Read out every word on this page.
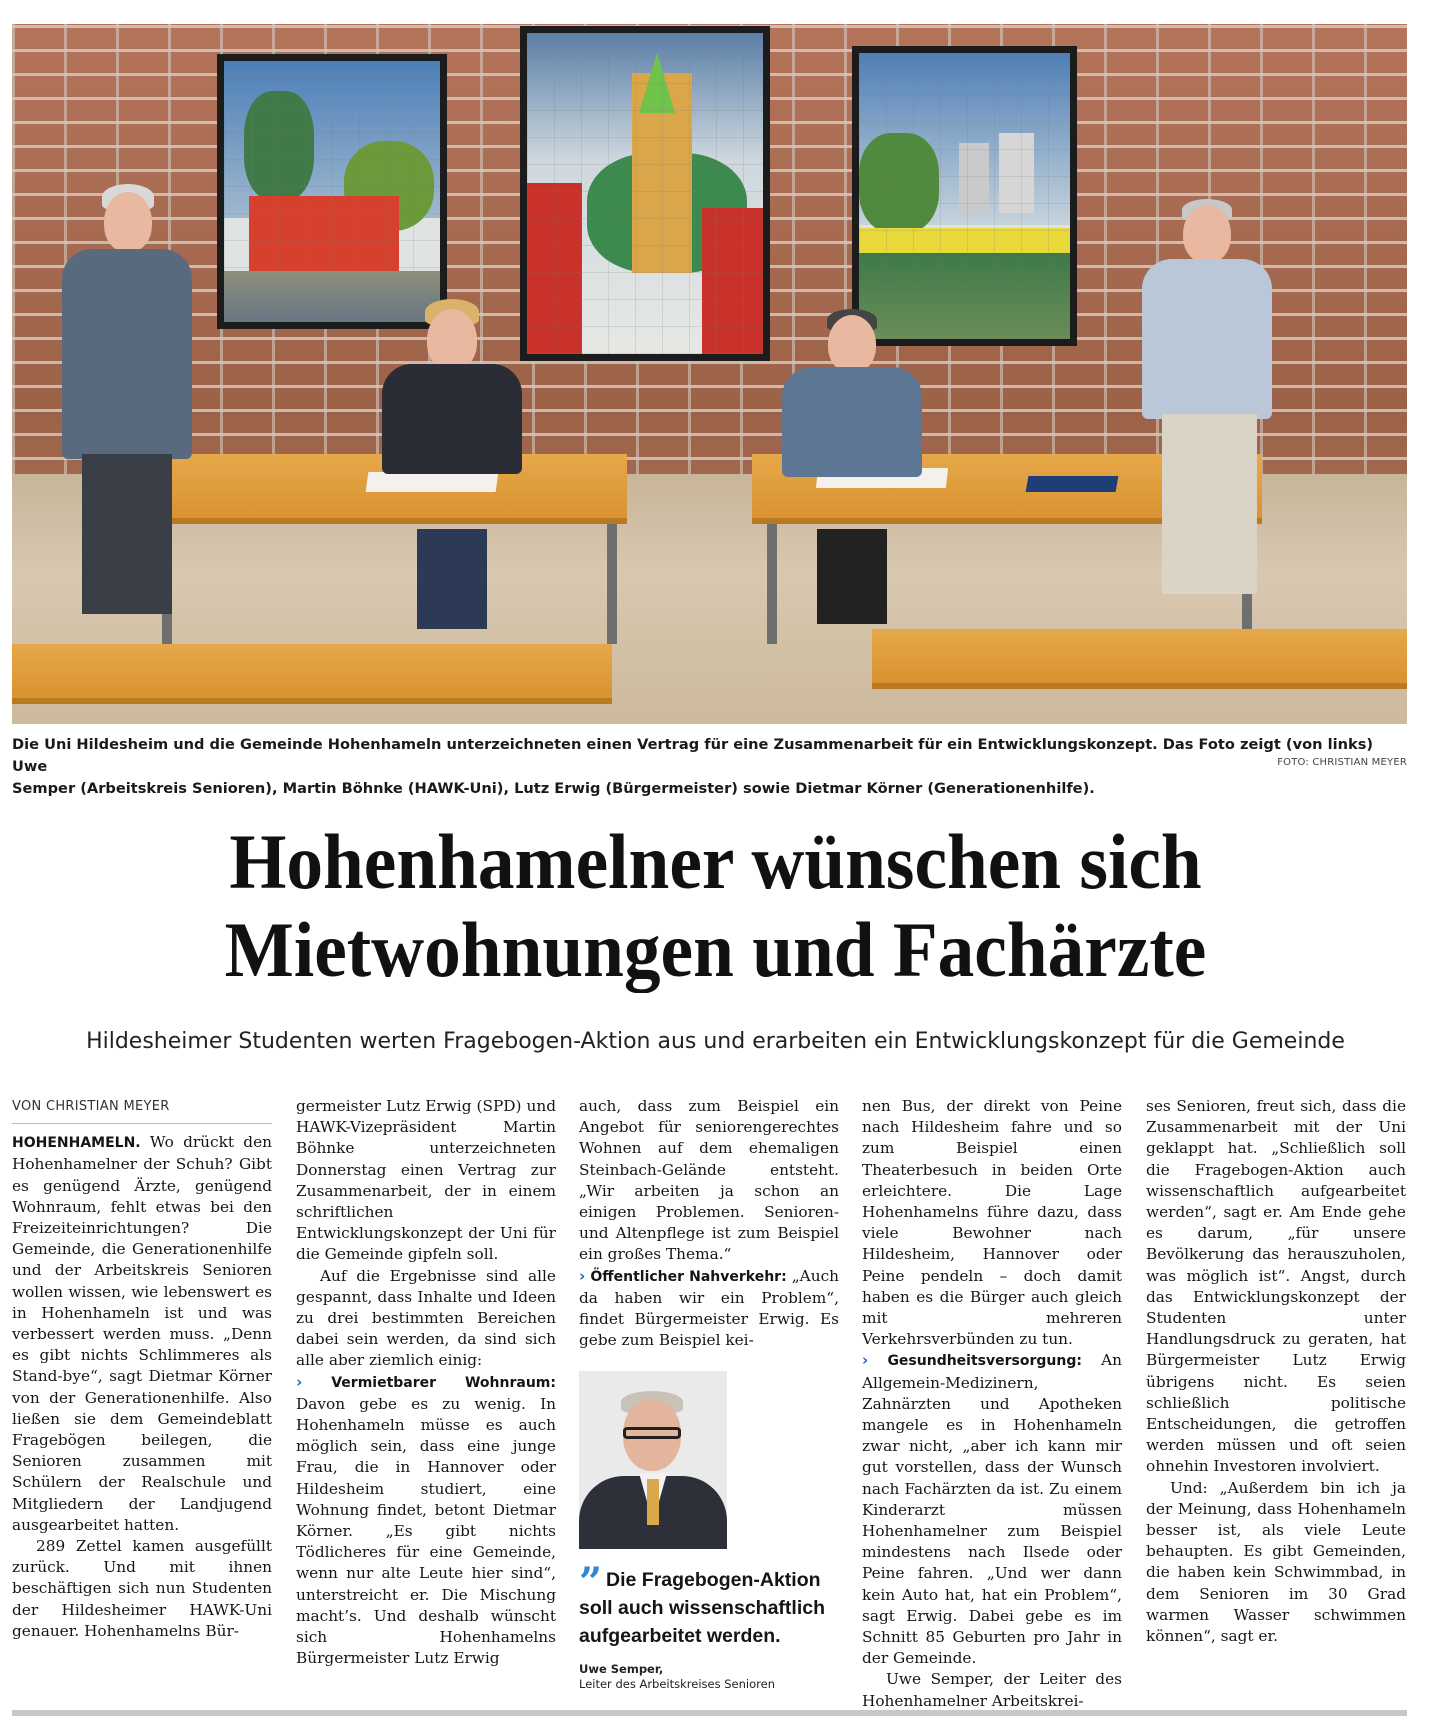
Die Uni Hildesheim und die Gemeinde Hohenhameln unterzeichneten einen Vertrag für eine Zusammenarbeit für ein Entwicklungskonzept. Das Foto zeigt (von links) Uwe
Semper (Arbeitskreis Senioren), Martin Böhnke (HAWK-Uni), Lutz Erwig (Bürgermeister) sowie Dietmar Körner (Generationenhilfe).
FOTO: CHRISTIAN MEYER
Hohenhamelner wünschen sich
Mietwohnungen und Fachärzte
Hildesheimer Studenten werten Fragebogen-Aktion aus und erarbeiten ein Entwicklungskonzept für die Gemeinde
VON CHRISTIAN MEYER

HOHENHAMELN. Wo drückt den Hohenhamelner der Schuh? Gibt es genügend Ärzte, genügend Wohnraum, fehlt etwas bei den Freizeiteinrichtungen? Die Gemeinde, die Generationenhilfe und der Arbeitskreis Senioren wollen wissen, wie lebenswert es in Hohenhameln ist und was verbessert werden muss. „Denn es gibt nichts Schlimmeres als Stand-bye“, sagt Dietmar Körner von der Generationenhilfe. Also ließen sie dem Gemeindeblatt Fragebögen beilegen, die Senioren zusammen mit Schülern der Realschule und Mitgliedern der Landjugend ausgearbeitet hatten.

289 Zettel kamen ausgefüllt zurück. Und mit ihnen beschäftigen sich nun Studenten der Hildesheimer HAWK-Uni genauer. Hohenhamelns Bür-

germeister Lutz Erwig (SPD) und HAWK-Vizepräsident Martin Böhnke unterzeichneten Donnerstag einen Vertrag zur Zusammenarbeit, der in einem schriftlichen Entwicklungskonzept der Uni für die Gemeinde gipfeln soll.

Auf die Ergebnisse sind alle gespannt, dass Inhalte und Ideen zu drei bestimmten Bereichen dabei sein werden, da sind sich alle aber ziemlich einig:

› Vermietbarer Wohnraum: Davon gebe es zu wenig. In Hohenhameln müsse es auch möglich sein, dass eine junge Frau, die in Hannover oder Hildesheim studiert, eine Wohnung findet, betont Dietmar Körner. „Es gibt nichts Tödlicheres für eine Gemeinde, wenn nur alte Leute hier sind“, unterstreicht er. Die Mischung macht’s. Und deshalb wünscht sich Hohenhamelns Bürgermeister Lutz Erwig

auch, dass zum Beispiel ein Angebot für seniorengerechtes Wohnen auf dem ehemaligen Steinbach-Gelände entsteht. „Wir arbeiten ja schon an einigen Problemen. Senioren- und Altenpflege ist zum Beispiel ein großes Thema.“

› Öffentlicher Nahverkehr: „Auch da haben wir ein Problem“, findet Bürgermeister Erwig. Es gebe zum Beispiel kei-

” Die Fragebogen-Aktion soll auch wissenschaftlich aufgearbeitet werden.
Uwe Semper,
Leiter des Arbeitskreises Senioren

nen Bus, der direkt von Peine nach Hildesheim fahre und so zum Beispiel einen Theaterbesuch in beiden Orte erleichtere. Die Lage Hohenhamelns führe dazu, dass viele Bewohner nach Hildesheim, Hannover oder Peine pendeln – doch damit haben es die Bürger auch gleich mit mehreren Verkehrsverbünden zu tun.

› Gesundheitsversorgung: An Allgemein-Medizinern, Zahnärzten und Apotheken mangele es in Hohenhameln zwar nicht, „aber ich kann mir gut vorstellen, dass der Wunsch nach Fachärzten da ist. Zu einem Kinderarzt müssen Hohenhamelner zum Beispiel mindestens nach Ilsede oder Peine fahren. „Und wer dann kein Auto hat, hat ein Problem“, sagt Erwig. Dabei gebe es im Schnitt 85 Geburten pro Jahr in der Gemeinde.

Uwe Semper, der Leiter des Hohenhamelner Arbeitskrei-

ses Senioren, freut sich, dass die Zusammenarbeit mit der Uni geklappt hat. „Schließlich soll die Fragebogen-Aktion auch wissenschaftlich aufgearbeitet werden“, sagt er. Am Ende gehe es darum, „für unsere Bevölkerung das herauszuholen, was möglich ist“. Angst, durch das Entwicklungskonzept der Studenten unter Handlungsdruck zu geraten, hat Bürgermeister Lutz Erwig übrigens nicht. Es seien schließlich politische Entscheidungen, die getroffen werden müssen und oft seien ohnehin Investoren involviert.

Und: „Außerdem bin ich ja der Meinung, dass Hohenhameln besser ist, als viele Leute behaupten. Es gibt Gemeinden, die haben kein Schwimmbad, in dem Senioren im 30 Grad warmen Wasser schwimmen können“, sagt er.
